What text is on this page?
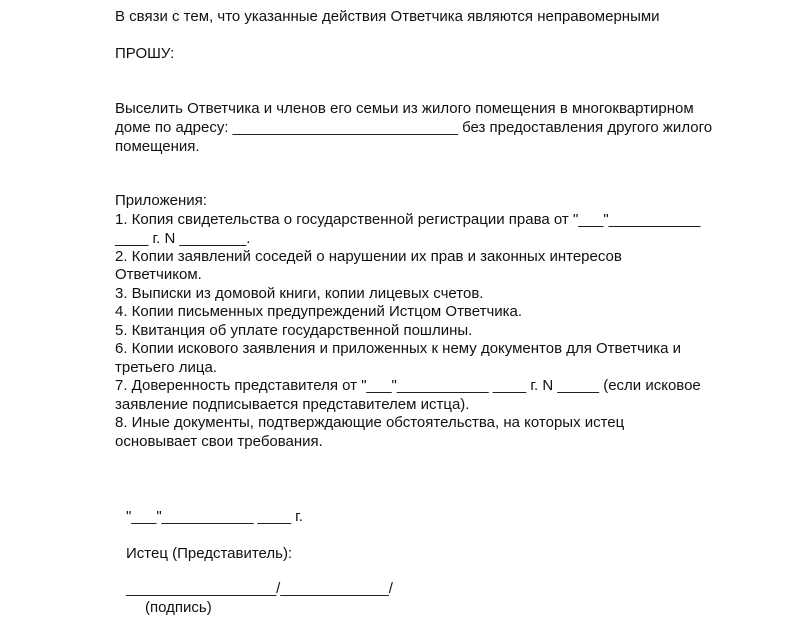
В связи с тем, что указанные действия Ответчика являются неправомерными

ПРОШУ:

Выселить Ответчика и членов его семьи из жилого помещения в многоквартирном

доме по адресу: ___________________________ без предоставления другого жилого

помещения.

Приложения:

1. Копия свидетельства о государственной регистрации права от "___"___________

____ г. N ________.

2. Копии заявлений соседей о нарушении их прав и законных интересов

Ответчиком.

3. Выписки из домовой книги, копии лицевых счетов.

4. Копии письменных предупреждений Истцом Ответчика.

5. Квитанция об уплате государственной пошлины.

6. Копии искового заявления и приложенных к нему документов для Ответчика и

третьего лица.

7. Доверенность представителя от "___"___________ ____ г. N _____ (если исковое

заявление подписывается представителем истца).

8. Иные документы, подтверждающие обстоятельства, на которых истец

основывает свои требования.

"___"___________ ____ г.

Истец (Представитель):

__________________/_____________/

(подпись)
